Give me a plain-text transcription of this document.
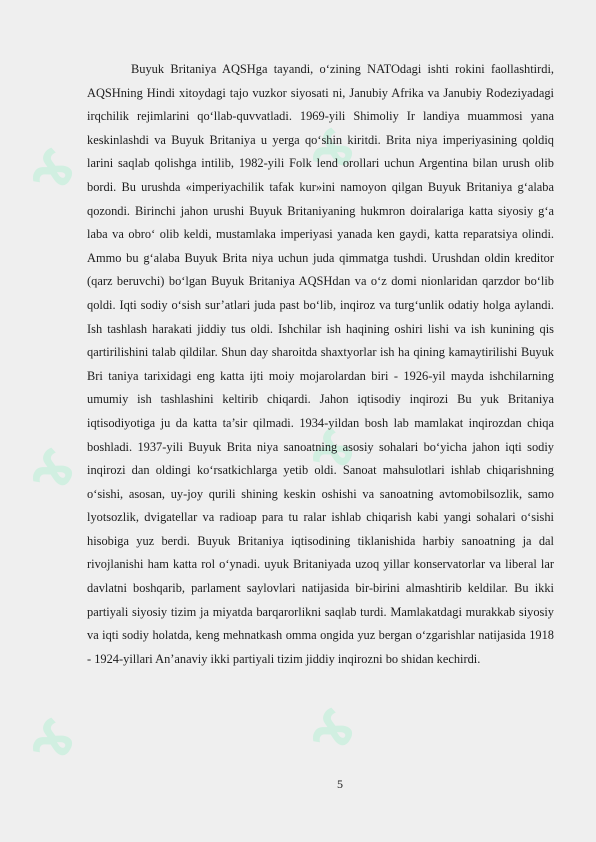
ɤ	ɤ
ɤ	ɤ
ɤ	ɤ

Buyuk Britaniya AQSHga tayandi, o‘zining NATOdagi ishti rokini faollashtirdi, AQSHning Hindi xitoydagi tajo vuzkor siyosati ni, Janubiy Afrika va Janubiy Rodeziyadagi irqchilik rejimlarini qo‘llab-quvvatladi. 1969-yili Shimoliy Ir landiya muammosi yana keskinlashdi va Buyuk Britaniya u yerga qo‘shin kiritdi. Brita niya imperiyasining qoldiq larini saqlab qolishga intilib, 1982-yili Folk lend orollari uchun Argentina bilan urush olib bordi. Bu urushda «imperiyachilik tafak kur»ini namoyon qilgan Buyuk Britaniya g‘alaba qozondi. Birinchi jahon urushi Buyuk Britaniyaning hukmron doiralariga katta siyosiy g‘a laba va obro‘ olib keldi, mustamlaka imperiyasi yanada ken gaydi, katta reparatsiya olindi. Ammo bu g‘alaba Buyuk Brita niya uchun juda qimmatga tushdi. Urushdan oldin kreditor (qarz beruvchi) bo‘lgan Buyuk Britaniya AQSHdan va o‘z domi nionlaridan qarzdor bo‘lib qoldi. Iqti sodiy o‘sish sur’atlari juda past bo‘lib, inqiroz va turg‘unlik odatiy holga aylandi. Ish tashlash harakati jiddiy tus oldi. Ishchilar ish haqining oshiri lishi va ish kunining qis qartirilishini talab qildilar. Shun day sharoitda shaxtyorlar ish ha qining kamaytirilishi Buyuk Bri taniya tarixidagi eng katta ijti moiy mojarolardan biri - 1926-yil mayda ishchilarning umumiy ish tashlashini keltirib chiqardi. Jahon iqtisodiy inqirozi Bu yuk Britaniya iqtisodiyotiga ju da katta ta’sir qilmadi. 1934-yildan bosh lab mamlakat inqirozdan chiqa boshladi. 1937-yili Buyuk Brita niya sanoatning asosiy sohalari bo‘yicha jahon iqti sodiy inqirozi dan oldingi ko‘rsatkichlarga yetib oldi. Sanoat mahsulotlari ishlab chiqarishning o‘sishi, asosan, uy-joy qurili shining keskin oshishi va sanoatning avtomobilsozlik, samo lyotsozlik, dvigatellar va radioap para tu ralar ishlab chiqarish kabi yangi sohalari o‘sishi hisobiga yuz berdi. Buyuk Britaniya iqtisodining tiklanishida harbiy sanoatning ja dal rivojlanishi ham katta rol o‘ynadi. uyuk Britaniyada uzoq yillar konservatorlar va liberal lar davlatni boshqarib, parlament saylovlari natijasida bir-birini almashtirib keldilar. Bu ikki partiyali siyosiy tizim ja miyatda barqarorlikni saqlab turdi. Mamlakatdagi murakkab siyosiy va iqti sodiy holatda, keng mehnatkash omma ongida yuz bergan o‘zgarishlar natijasida 1918 - 1924-yillari An’anaviy ikki partiyali tizim jiddiy inqirozni bo shidan kechirdi.

5
